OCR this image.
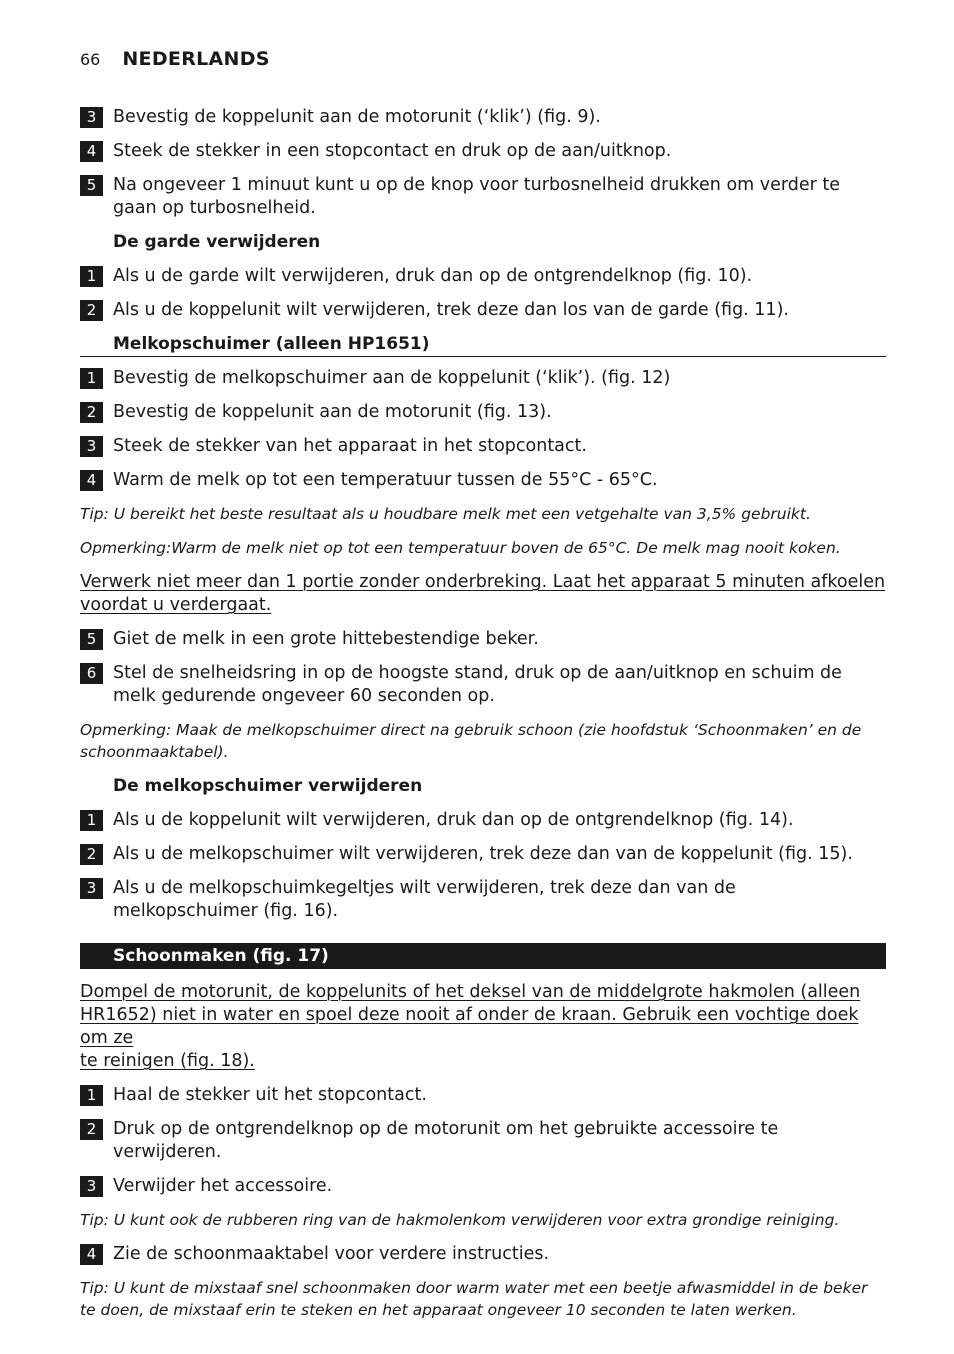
66 NEDERLANDS
3 Bevestig de koppelunit aan de motorunit (‘klik’) (fig. 9).
4 Steek de stekker in een stopcontact en druk op de aan/uitknop.
5 Na ongeveer 1 minuut kunt u op de knop voor turbosnelheid drukken om verder te gaan op turbosnelheid.
De garde verwijderen
1 Als u de garde wilt verwijderen, druk dan op de ontgrendelknop (fig. 10).
2 Als u de koppelunit wilt verwijderen, trek deze dan los van de garde (fig. 11).
Melkopschuimer (alleen HP1651)
1 Bevestig de melkopschuimer aan de koppelunit (‘klik’). (fig. 12)
2 Bevestig de koppelunit aan de motorunit (fig. 13).
3 Steek de stekker van het apparaat in het stopcontact.
4 Warm de melk op tot een temperatuur tussen de 55°C - 65°C.
Tip: U bereikt het beste resultaat als u houdbare melk met een vetgehalte van 3,5% gebruikt.
Opmerking:Warm de melk niet op tot een temperatuur boven de 65°C. De melk mag nooit koken.
Verwerk niet meer dan 1 portie zonder onderbreking. Laat het apparaat 5 minuten afkoelen
voordat u verdergaat.
5 Giet de melk in een grote hittebestendige beker.
6 Stel de snelheidsring in op de hoogste stand, druk op de aan/uitknop en schuim de melk gedurende ongeveer 60 seconden op.
Opmerking: Maak de melkopschuimer direct na gebruik schoon (zie hoofdstuk ‘Schoonmaken’ en de schoonmaaktabel).
De melkopschuimer verwijderen
1 Als u de koppelunit wilt verwijderen, druk dan op de ontgrendelknop (fig. 14).
2 Als u de melkopschuimer wilt verwijderen, trek deze dan van de koppelunit (fig. 15).
3 Als u de melkopschuimkegeltjes wilt verwijderen, trek deze dan van de melkopschuimer (fig. 16).
Schoonmaken (fig. 17)
Dompel de motorunit, de koppelunits of het deksel van de middelgrote hakmolen (alleen
HR1652) niet in water en spoel deze nooit af onder de kraan. Gebruik een vochtige doek om ze
te reinigen (fig. 18).
1 Haal de stekker uit het stopcontact.
2 Druk op de ontgrendelknop op de motorunit om het gebruikte accessoire te verwijderen.
3 Verwijder het accessoire.
Tip: U kunt ook de rubberen ring van de hakmolenkom verwijderen voor extra grondige reiniging.
4 Zie de schoonmaaktabel voor verdere instructies.
Tip: U kunt de mixstaaf snel schoonmaken door warm water met een beetje afwasmiddel in de beker te doen, de mixstaaf erin te steken en het apparaat ongeveer 10 seconden te laten werken.
